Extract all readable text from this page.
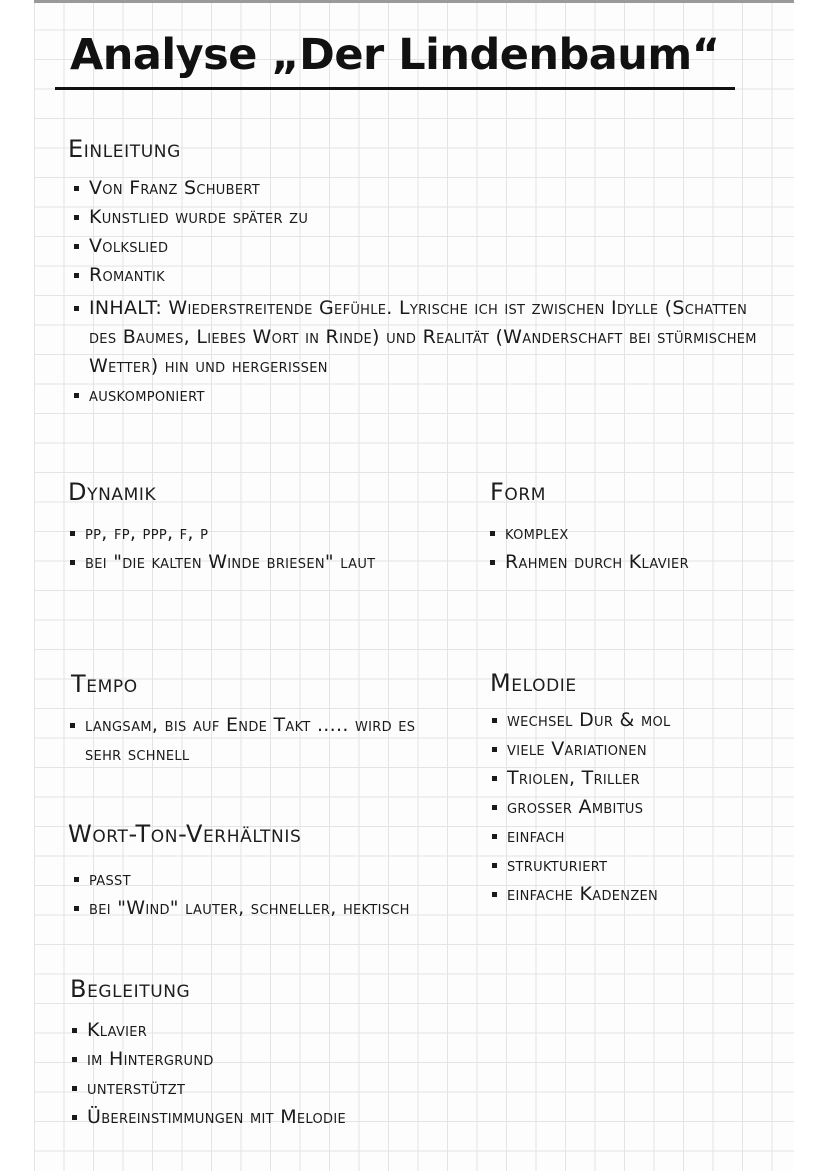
Analyse „Der Lindenbaum“
Einleitung
Von Franz Schubert
Kunstlied wurde später zu
Volkslied
Romantik
INHALT: Wiederstreitende Gefühle. Lyrische ich ist zwischen Idylle (Schatten des Baumes, Liebes Wort in Rinde) und Realität (Wanderschaft bei stürmischem Wetter) hin und hergerissen
auskomponiert
Dynamik
pp, fp, ppp, f, p
bei "die kalten Winde briesen" laut
Form
komplex
Rahmen durch Klavier
Tempo
langsam, bis auf Ende Takt ..... wird es sehr schnell
Melodie
wechsel Dur & mol
viele Variationen
Triolen, Triller
grosser Ambitus
einfach
strukturiert
einfache Kadenzen
Wort-Ton-Verhältnis
passt
bei "Wind" lauter, schneller, hektisch
Begleitung
Klavier
im Hintergrund
unterstützt
Übereinstimmungen mit Melodie
